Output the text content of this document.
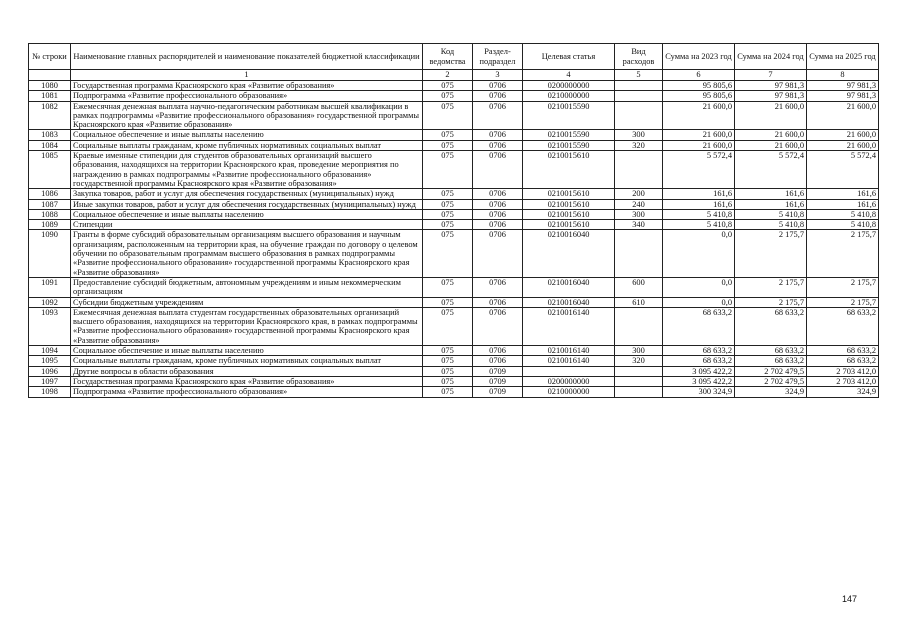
№ строки	Наименование главных распорядителей и наименование показателей бюджетной классификации	Код ведомства	Раздел-подраздел	Целевая статья	Вид расходов	Сумма на 2023 год	Сумма на 2024 год	Сумма на 2025 год
	1	2	3	4	5	6	7	8
1080	Государственная программа Красноярского края «Развитие образования»	075	0706	0200000000		95 805,6	97 981,3	97 981,3
1081	Подпрограмма «Развитие профессионального образования»	075	0706	0210000000		95 805,6	97 981,3	97 981,3
1082	Ежемесячная денежная выплата научно-педагогическим работникам высшей квалификации в рамках подпрограммы «Развитие профессионального образования» государственной программы Красноярского края «Развитие образования»	075	0706	0210015590		21 600,0	21 600,0	21 600,0
1083	Социальное обеспечение и иные выплаты населению	075	0706	0210015590	300	21 600,0	21 600,0	21 600,0
1084	Социальные выплаты гражданам, кроме публичных нормативных социальных выплат	075	0706	0210015590	320	21 600,0	21 600,0	21 600,0
1085	Краевые именные стипендии для студентов образовательных организаций высшего образования, находящихся на территории Красноярского края, проведение мероприятия по награждению в рамках подпрограммы «Развитие профессионального образования» государственной программы Красноярского края «Развитие образования»	075	0706	0210015610		5 572,4	5 572,4	5 572,4
1086	Закупка товаров, работ и услуг для обеспечения государственных (муниципальных) нужд	075	0706	0210015610	200	161,6	161,6	161,6
1087	Иные закупки товаров, работ и услуг для обеспечения государственных (муниципальных) нужд	075	0706	0210015610	240	161,6	161,6	161,6
1088	Социальное обеспечение и иные выплаты населению	075	0706	0210015610	300	5 410,8	5 410,8	5 410,8
1089	Стипендии	075	0706	0210015610	340	5 410,8	5 410,8	5 410,8
1090	Гранты в форме субсидий образовательным организациям высшего образования и научным организациям, расположенным на территории края, на обучение граждан по договору о целевом обучении по образовательным программам высшего образования в рамках подпрограммы «Развитие профессионального образования» государственной программы Красноярского края «Развитие образования»	075	0706	0210016040		0,0	2 175,7	2 175,7
1091	Предоставление субсидий бюджетным, автономным учреждениям и иным некоммерческим организациям	075	0706	0210016040	600	0,0	2 175,7	2 175,7
1092	Субсидии бюджетным учреждениям	075	0706	0210016040	610	0,0	2 175,7	2 175,7
1093	Ежемесячная денежная выплата студентам государственных образовательных организаций высшего образования, находящихся на территории Красноярского края, в рамках подпрограммы «Развитие профессионального образования» государственной программы Красноярского края «Развитие образования»	075	0706	0210016140		68 633,2	68 633,2	68 633,2
1094	Социальное обеспечение и иные выплаты населению	075	0706	0210016140	300	68 633,2	68 633,2	68 633,2
1095	Социальные выплаты гражданам, кроме публичных нормативных социальных выплат	075	0706	0210016140	320	68 633,2	68 633,2	68 633,2
1096	Другие вопросы в области образования	075	0709			3 095 422,2	2 702 479,5	2 703 412,0
1097	Государственная программа Красноярского края «Развитие образования»	075	0709	0200000000		3 095 422,2	2 702 479,5	2 703 412,0
1098	Подпрограмма «Развитие профессионального образования»	075	0709	0210000000		300 324,9	324,9	324,9
147
